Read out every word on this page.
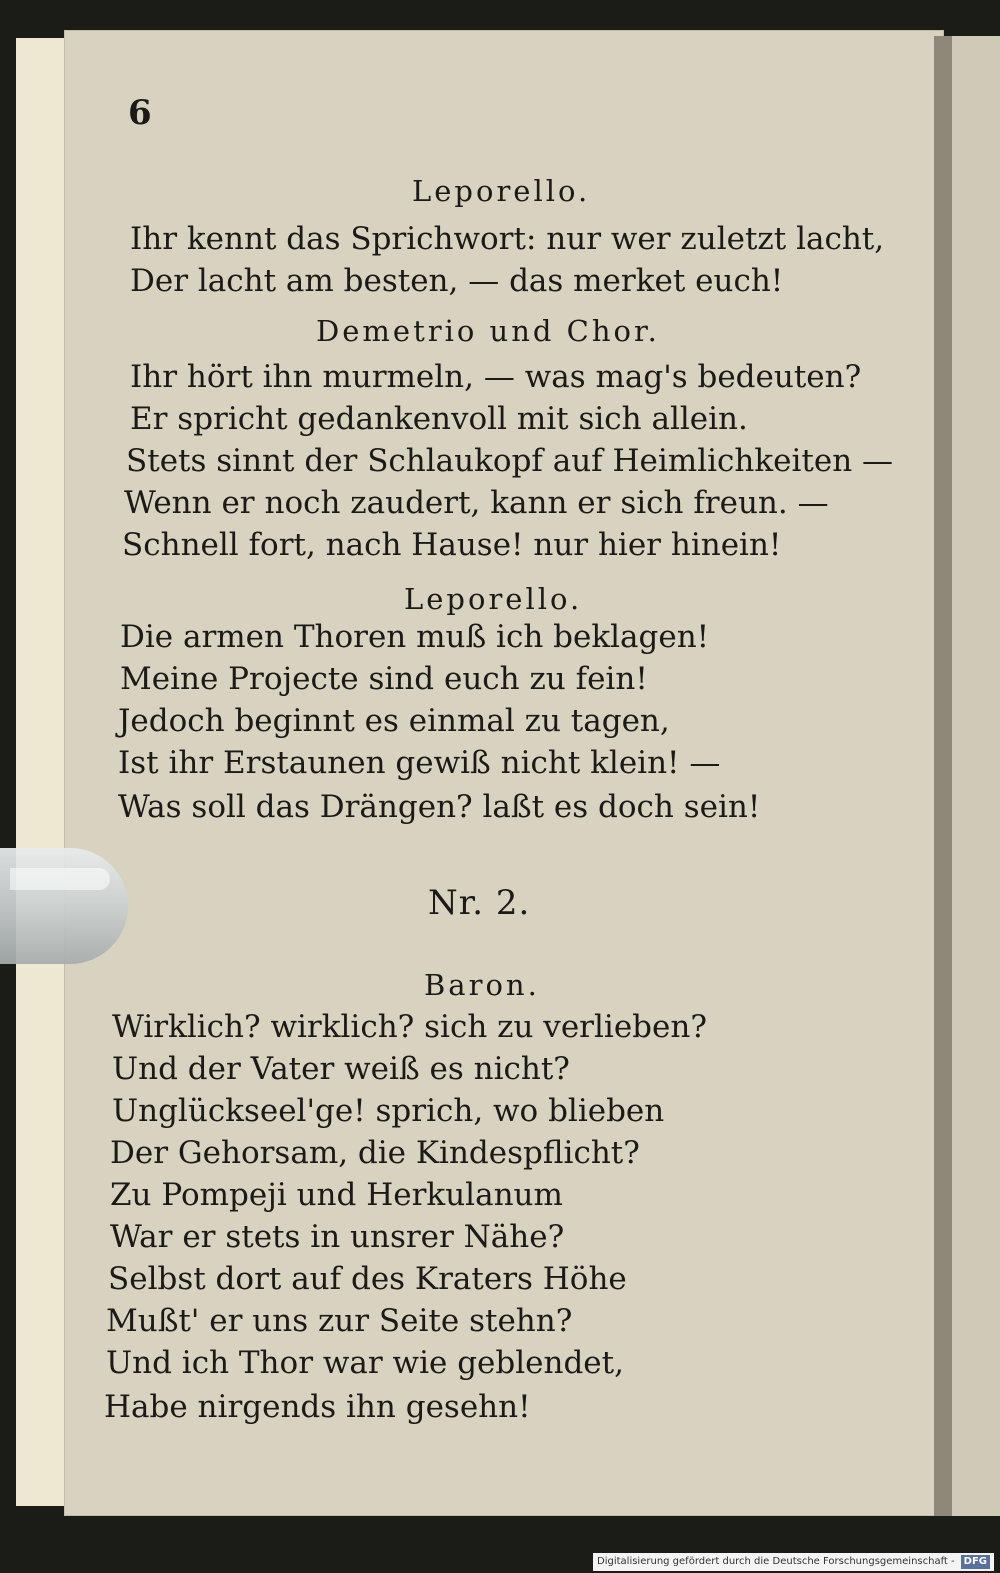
6

Leporello.

Ihr kennt das Sprichwort: nur wer zuletzt lacht,

Der lacht am besten, — das merket euch!

Demetrio und Chor.

Ihr hört ihn murmeln, — was mag's bedeuten?

Er spricht gedankenvoll mit sich allein.

Stets sinnt der Schlaukopf auf Heimlichkeiten —

Wenn er noch zaudert, kann er sich freun. —

Schnell fort, nach Hause! nur hier hinein!

Leporello.

Die armen Thoren muß ich beklagen!

Meine Projecte sind euch zu fein!

Jedoch beginnt es einmal zu tagen,

Ist ihr Erstaunen gewiß nicht klein! —

Was soll das Drängen? laßt es doch sein!

Nr. 2.

Baron.

Wirklich? wirklich? sich zu verlieben?

Und der Vater weiß es nicht?

Unglückseel'ge! sprich, wo blieben

Der Gehorsam, die Kindespflicht?

Zu Pompeji und Herkulanum

War er stets in unsrer Nähe?

Selbst dort auf des Kraters Höhe

Mußt' er uns zur Seite stehn?

Und ich Thor war wie geblendet,

Habe nirgends ihn gesehn!

Digitalisierung gefördert durch die Deutsche Forschungsgemeinschaft - DFG
